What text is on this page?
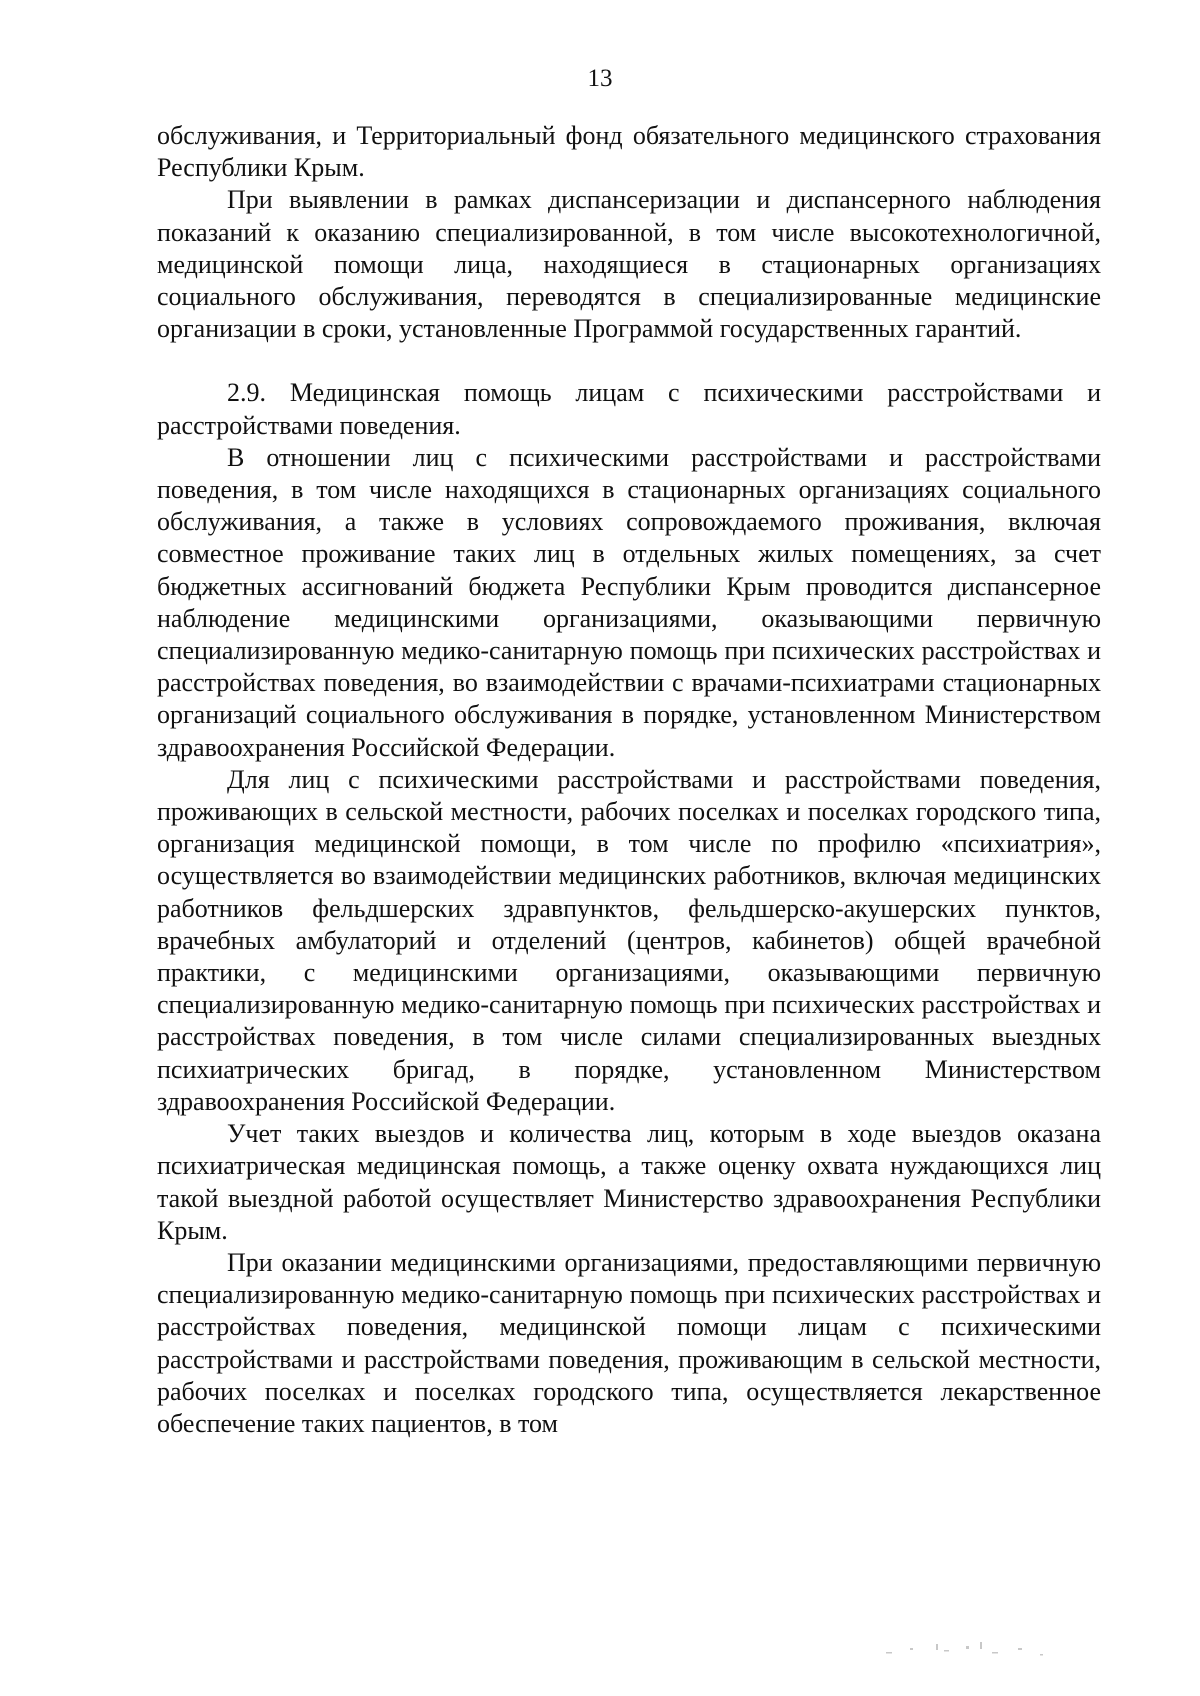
13

обслуживания, и Территориальный фонд обязательного медицинского страхования Республики Крым.

При выявлении в рамках диспансеризации и диспансерного наблюдения показаний к оказанию специализированной, в том числе высокотехнологичной, медицинской помощи лица, находящиеся в стационарных организациях социального обслуживания, переводятся в специализированные медицинские организации в сроки, установленные Программой государственных гарантий.

2.9. Медицинская помощь лицам с психическими расстройствами и расстройствами поведения.

В отношении лиц с психическими расстройствами и расстройствами поведения, в том числе находящихся в стационарных организациях социального обслуживания, а также в условиях сопровождаемого проживания, включая совместное проживание таких лиц в отдельных жилых помещениях, за счет бюджетных ассигнований бюджета Республики Крым проводится диспансерное наблюдение медицинскими организациями, оказывающими первичную специализированную медико-санитарную помощь при психических расстройствах и расстройствах поведения, во взаимодействии с врачами-психиатрами стационарных организаций социального обслуживания в порядке, установленном Министерством здравоохранения Российской Федерации.

Для лиц с психическими расстройствами и расстройствами поведения, проживающих в сельской местности, рабочих поселках и поселках городского типа, организация медицинской помощи, в том числе по профилю «психиатрия», осуществляется во взаимодействии медицинских работников, включая медицинских работников фельдшерских здравпунктов, фельдшерско-акушерских пунктов, врачебных амбулаторий и отделений (центров, кабинетов) общей врачебной практики, с медицинскими организациями, оказывающими первичную специализированную медико-санитарную помощь при психических расстройствах и расстройствах поведения, в том числе силами специализированных выездных психиатрических бригад, в порядке, установленном Министерством здравоохранения Российской Федерации.

Учет таких выездов и количества лиц, которым в ходе выездов оказана психиатрическая медицинская помощь, а также оценку охвата нуждающихся лиц такой выездной работой осуществляет Министерство здравоохранения Республики Крым.

При оказании медицинскими организациями, предоставляющими первичную специализированную медико-санитарную помощь при психических расстройствах и расстройствах поведения, медицинской помощи лицам с психическими расстройствами и расстройствами поведения, проживающим в сельской местности, рабочих поселках и поселках городского типа, осуществляется лекарственное обеспечение таких пациентов, в том
